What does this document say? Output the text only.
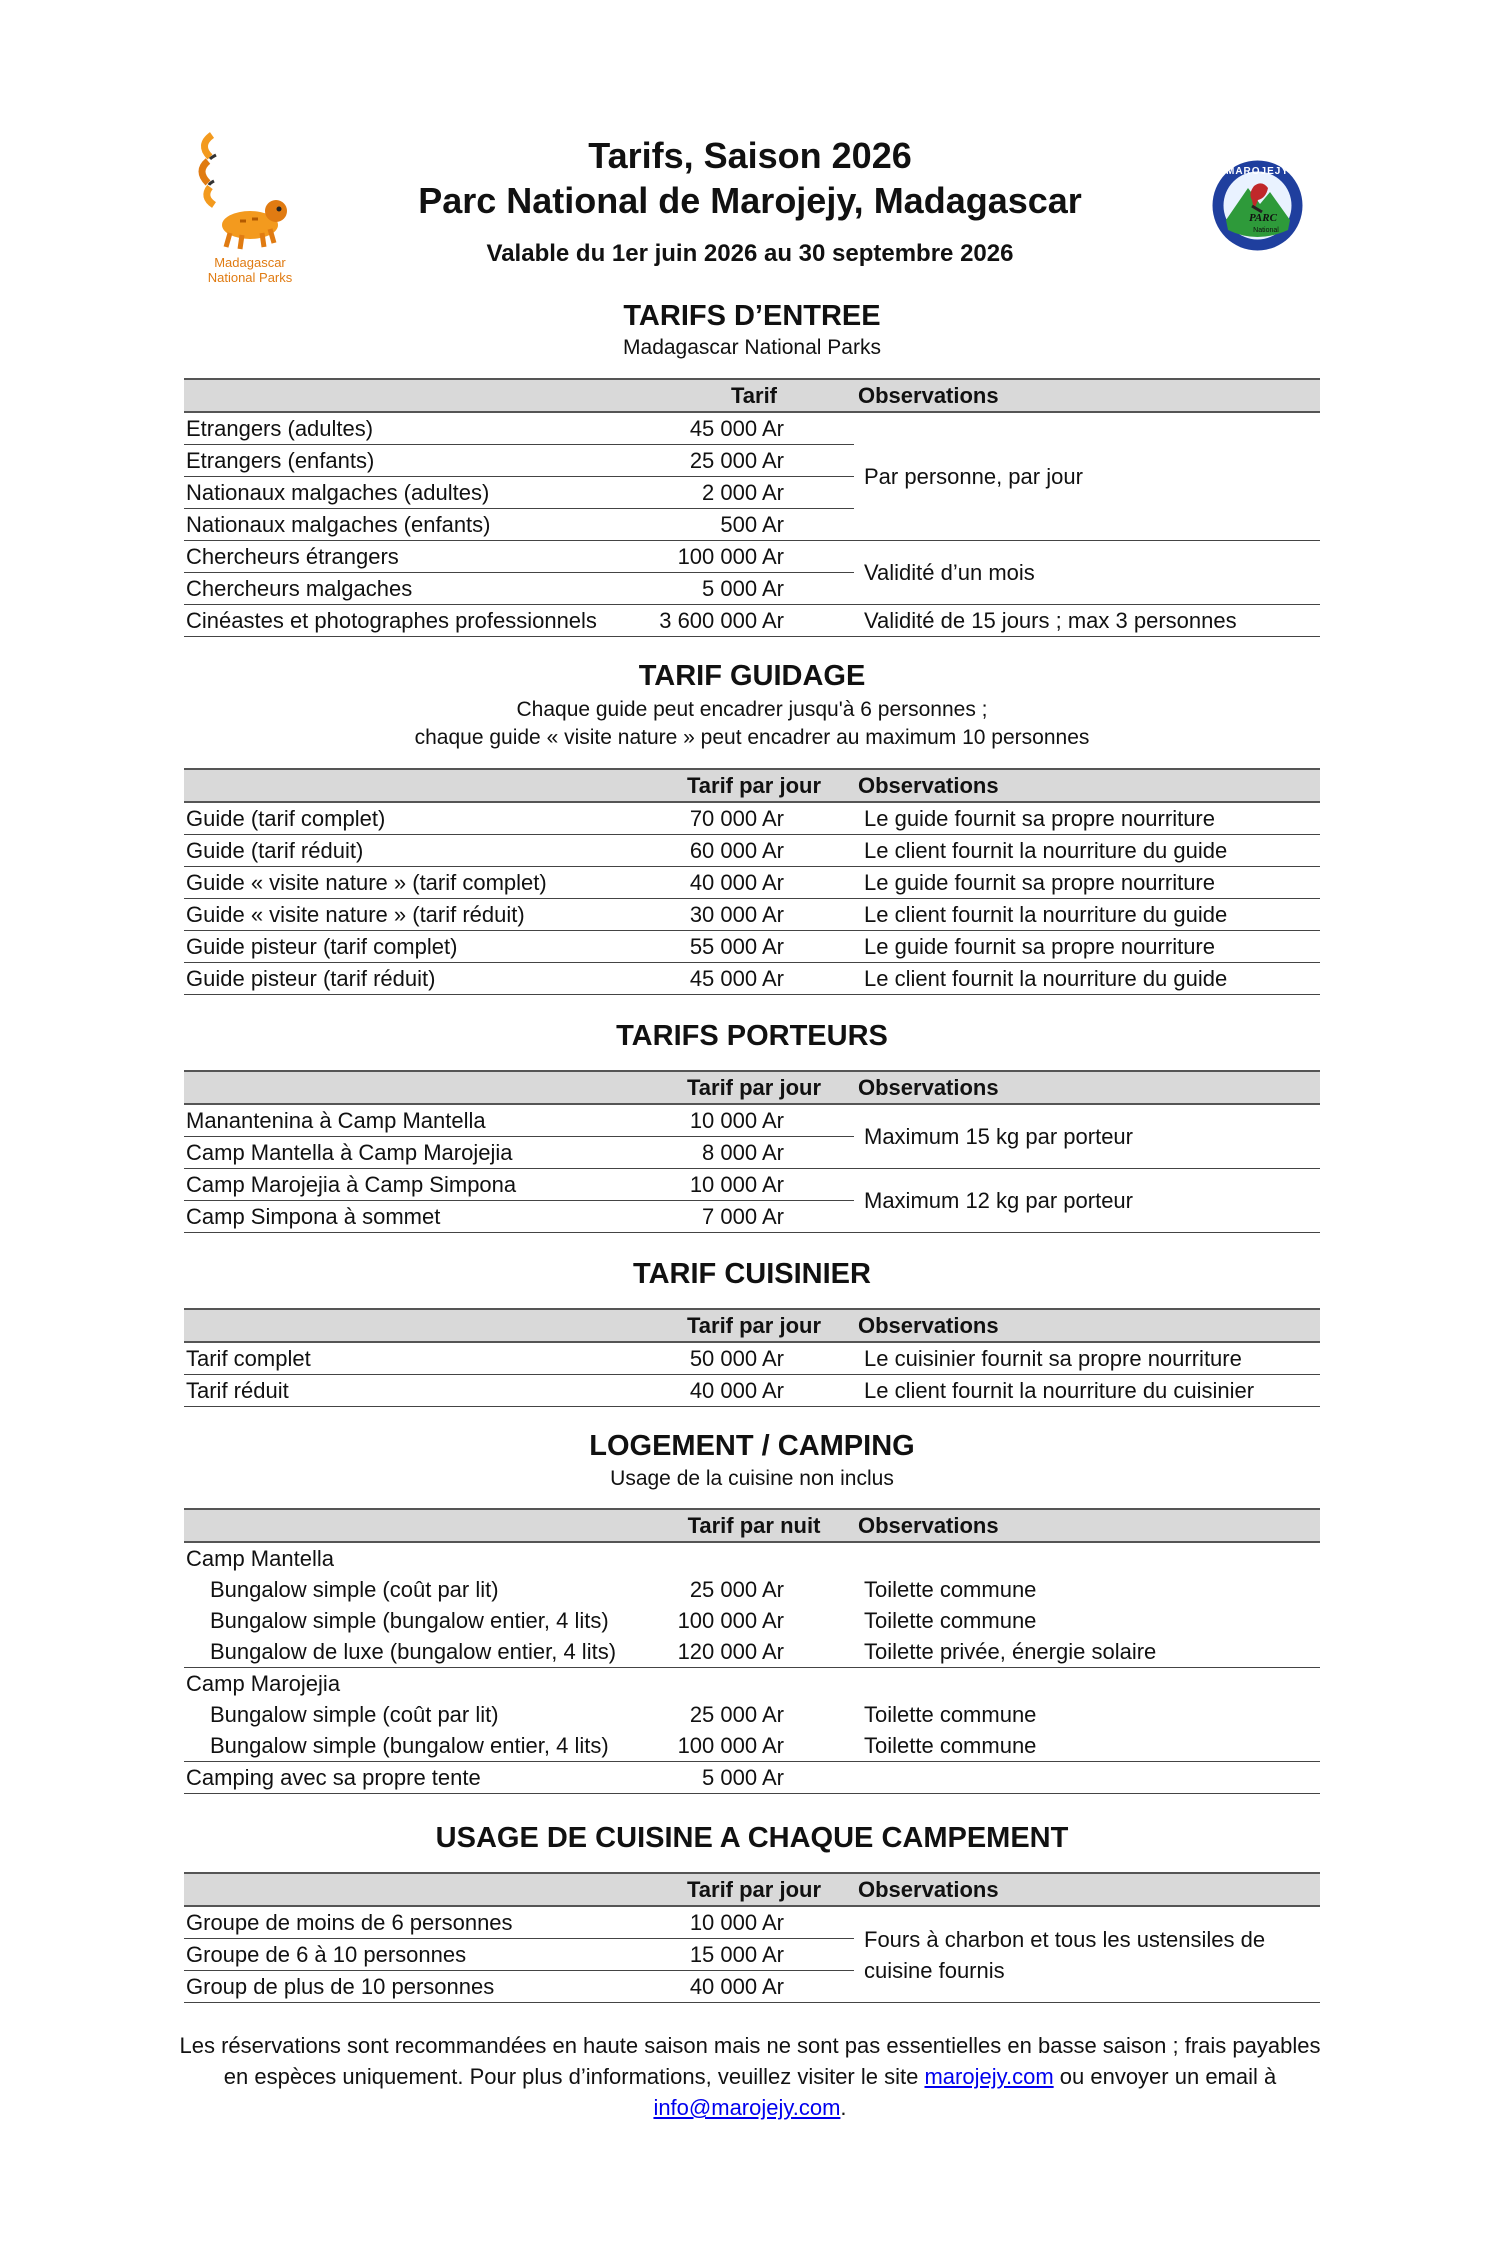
Madagascar
National Parks
MAROJEJY
PARC
National
Tarifs, Saison 2026
Parc National de Marojejy, Madagascar
Valable du 1er juin 2026 au 30 septembre 2026
TARIFS D’ENTREE
Madagascar National Parks
	Tarif	Observations
Etrangers (adultes)	45 000 Ar	Par personne, par jour
Etrangers (enfants)	25 000 Ar	
Nationaux malgaches (adultes)	2 000 Ar	
Nationaux malgaches (enfants)	500 Ar	
Chercheurs étrangers	100 000 Ar	Validité d’un mois
Chercheurs malgaches	5 000 Ar	
Cinéastes et photographes professionnels	3 600 000 Ar	Validité de 15 jours ; max 3 personnes
TARIF GUIDAGE
Chaque guide peut encadrer jusqu'à 6 personnes ;
chaque guide « visite nature » peut encadrer au maximum 10 personnes
	Tarif par jour	Observations
Guide (tarif complet)	70 000 Ar	Le guide fournit sa propre nourriture
Guide (tarif réduit)	60 000 Ar	Le client fournit la nourriture du guide
Guide « visite nature » (tarif complet)	40 000 Ar	Le guide fournit sa propre nourriture
Guide « visite nature » (tarif réduit)	30 000 Ar	Le client fournit la nourriture du guide
Guide pisteur (tarif complet)	55 000 Ar	Le guide fournit sa propre nourriture
Guide pisteur (tarif réduit)	45 000 Ar	Le client fournit la nourriture du guide
TARIFS PORTEURS
	Tarif par jour	Observations
Manantenina à Camp Mantella	10 000 Ar	Maximum 15 kg par porteur
Camp Mantella à Camp Marojejia	8 000 Ar	
Camp Marojejia à Camp Simpona	10 000 Ar	Maximum 12 kg par porteur
Camp Simpona à sommet	7 000 Ar	
TARIF CUISINIER
	Tarif par jour	Observations
Tarif complet	50 000 Ar	Le cuisinier fournit sa propre nourriture
Tarif réduit	40 000 Ar	Le client fournit la nourriture du cuisinier
LOGEMENT / CAMPING
Usage de la cuisine non inclus
	Tarif par nuit	Observations
Camp Mantella		
Bungalow simple (coût par lit)	25 000 Ar	Toilette commune
Bungalow simple (bungalow entier, 4 lits)	100 000 Ar	Toilette commune
Bungalow de luxe (bungalow entier, 4 lits)	120 000 Ar	Toilette privée, énergie solaire
Camp Marojejia		
Bungalow simple (coût par lit)	25 000 Ar	Toilette commune
Bungalow simple (bungalow entier, 4 lits)	100 000 Ar	Toilette commune
Camping avec sa propre tente	5 000 Ar	
USAGE DE CUISINE A CHAQUE CAMPEMENT
	Tarif par jour	Observations
Groupe de moins de 6 personnes	10 000 Ar	Fours à charbon et tous les ustensiles de
cuisine fournis
Groupe de 6 à 10 personnes	15 000 Ar	
Group de plus de 10 personnes	40 000 Ar	
Les réservations sont recommandées en haute saison mais ne sont pas essentielles en basse saison ; frais payables
en espèces uniquement. Pour plus d’informations, veuillez visiter le site marojejy.com ou envoyer un email à
info@marojejy.com.
